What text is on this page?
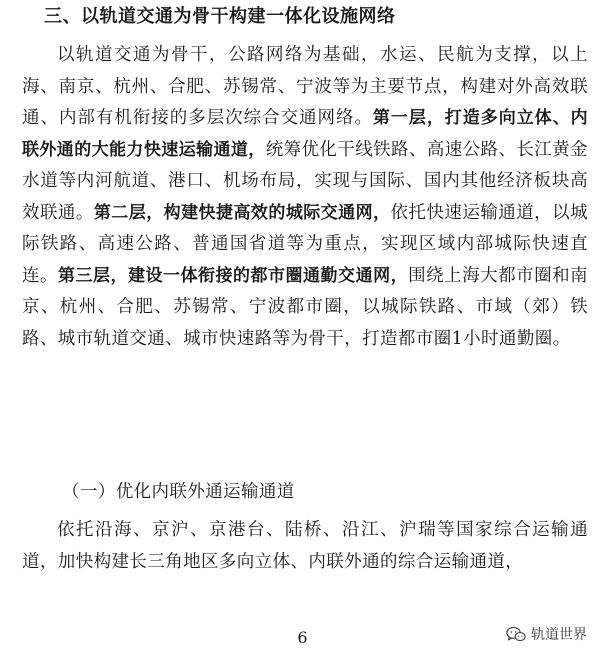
三、以轨道交通为骨干构建一体化设施网络

以轨道交通为骨干，公路网络为基础，水运、民航为支撑，以上海、南京、杭州、合肥、苏锡常、宁波等为主要节点，构建对外高效联通、内部有机衔接的多层次综合交通网络。第一层，打造多向立体、内联外通的大能力快速运输通道，统筹优化干线铁路、高速公路、长江黄金水道等内河航道、港口、机场布局，实现与国际、国内其他经济板块高效联通。第二层，构建快捷高效的城际交通网，依托快速运输通道，以城际铁路、高速公路、普通国省道等为重点，实现区域内部城际快速直连。第三层，建设一体衔接的都市圈通勤交通网，围绕上海大都市圈和南京、杭州、合肥、苏锡常、宁波都市圈，以城际铁路、市域（郊）铁路、城市轨道交通、城市快速路等为骨干，打造都市圈1小时通勤圈。

（一）优化内联外通运输通道

依托沿海、京沪、京港台、陆桥、沿江、沪瑞等国家综合运输通道，加快构建长三角地区多向立体、内联外通的综合运输通道，

6	轨道世界
